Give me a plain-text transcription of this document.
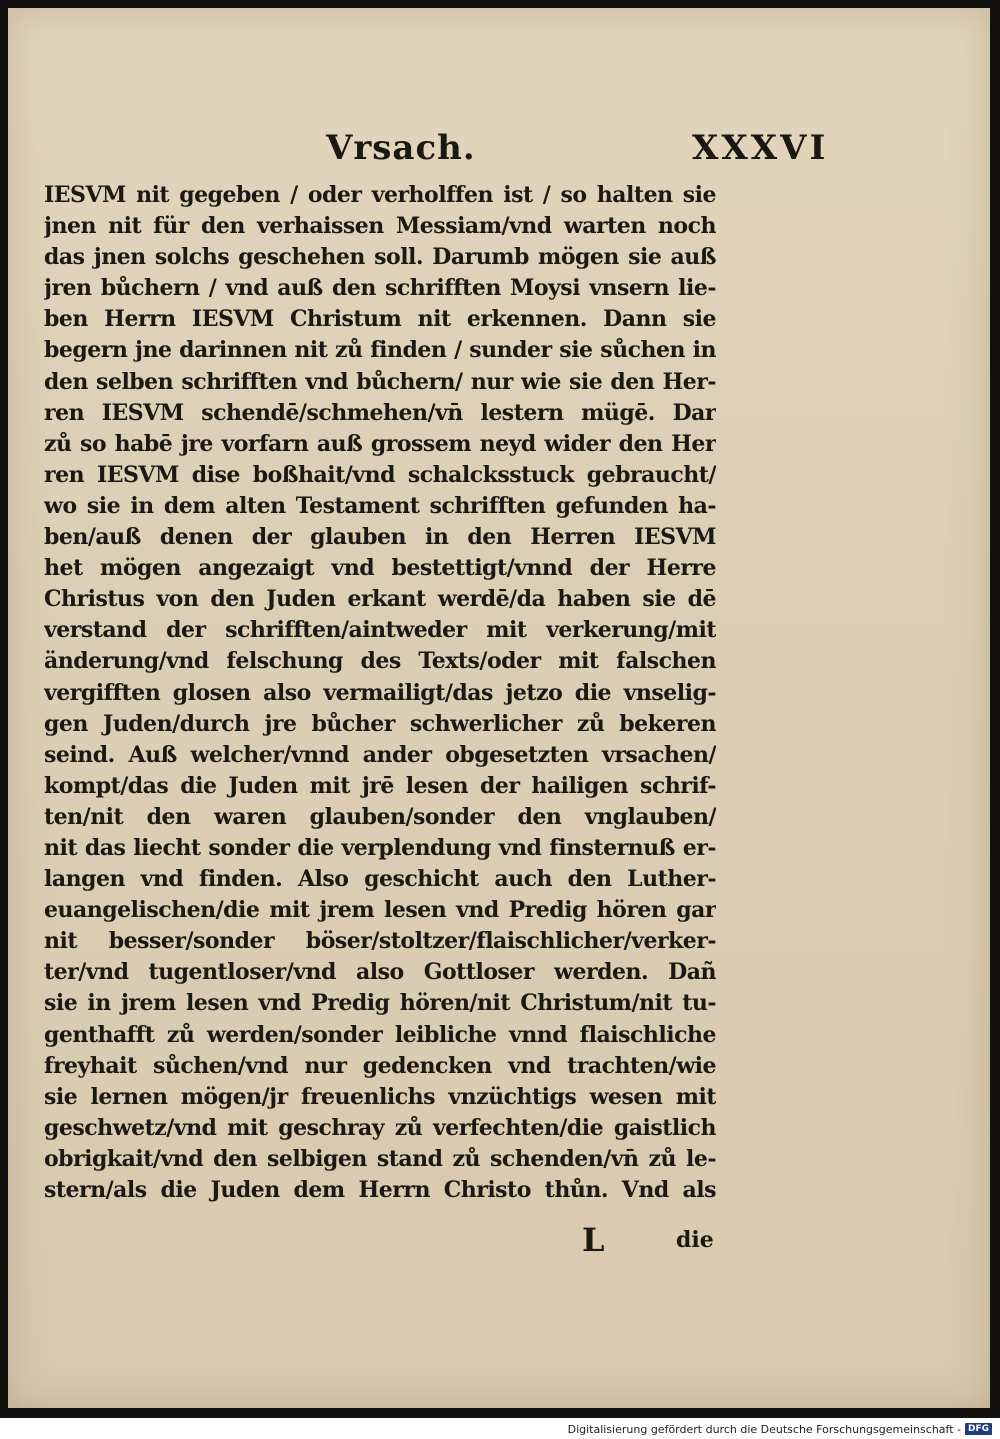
Vrsach.	XXXVI

IESVM nit gegeben / oder verholffen ist / so halten sie
jnen nit für den verhaissen Messiam/vnd warten noch
das jnen solchs geschehen soll. Darumb mögen sie auß
jren bůchern / vnd auß den schrifften Moysi vnsern lie-
ben Herrn IESVM Christum nit erkennen. Dann sie
begern jne darinnen nit zů finden / sunder sie sůchen in
den selben schrifften vnd bůchern/ nur wie sie den Her-
ren IESVM schendē/schmehen/vn̄ lestern mügē. Dar
zů so habē jre vorfarn auß grossem neyd wider den Her
ren IESVM dise boßhait/vnd schalcksstuck gebraucht/
wo sie in dem alten Testament schrifften gefunden ha-
ben/auß denen der glauben in den Herren IESVM
het mögen angezaigt vnd bestettigt/vnnd der Herre
Christus von den Juden erkant werdē/da haben sie dē
verstand der schrifften/aintweder mit verkerung/mit
änderung/vnd felschung des Texts/oder mit falschen
vergifften glosen also vermailigt/das jetzo die vnselig-
gen Juden/durch jre bůcher schwerlicher zů bekeren
seind. Auß welcher/vnnd ander obgesetzten vrsachen/
kompt/das die Juden mit jrē lesen der hailigen schrif-
ten/nit den waren glauben/sonder den vnglauben/
nit das liecht sonder die verplendung vnd finsternuß er-
langen vnd finden. Also geschicht auch den Luther-
euangelischen/die mit jrem lesen vnd Predig hören gar
nit besser/sonder böser/stoltzer/flaischlicher/verker-
ter/vnd tugentloser/vnd also Gottloser werden. Dañ
sie in jrem lesen vnd Predig hören/nit Christum/nit tu-
genthafft zů werden/sonder leibliche vnnd flaischliche
freyhait sůchen/vnd nur gedencken vnd trachten/wie
sie lernen mögen/jr freuenlichs vnzüchtigs wesen mit
geschwetz/vnd mit geschray zů verfechten/die gaistlich
obrigkait/vnd den selbigen stand zů schenden/vn̄ zů le-
stern/als die Juden dem Herrn Christo thůn. Vnd als

L	die

Digitalisierung gefördert durch die Deutsche Forschungsgemeinschaft - DFG
